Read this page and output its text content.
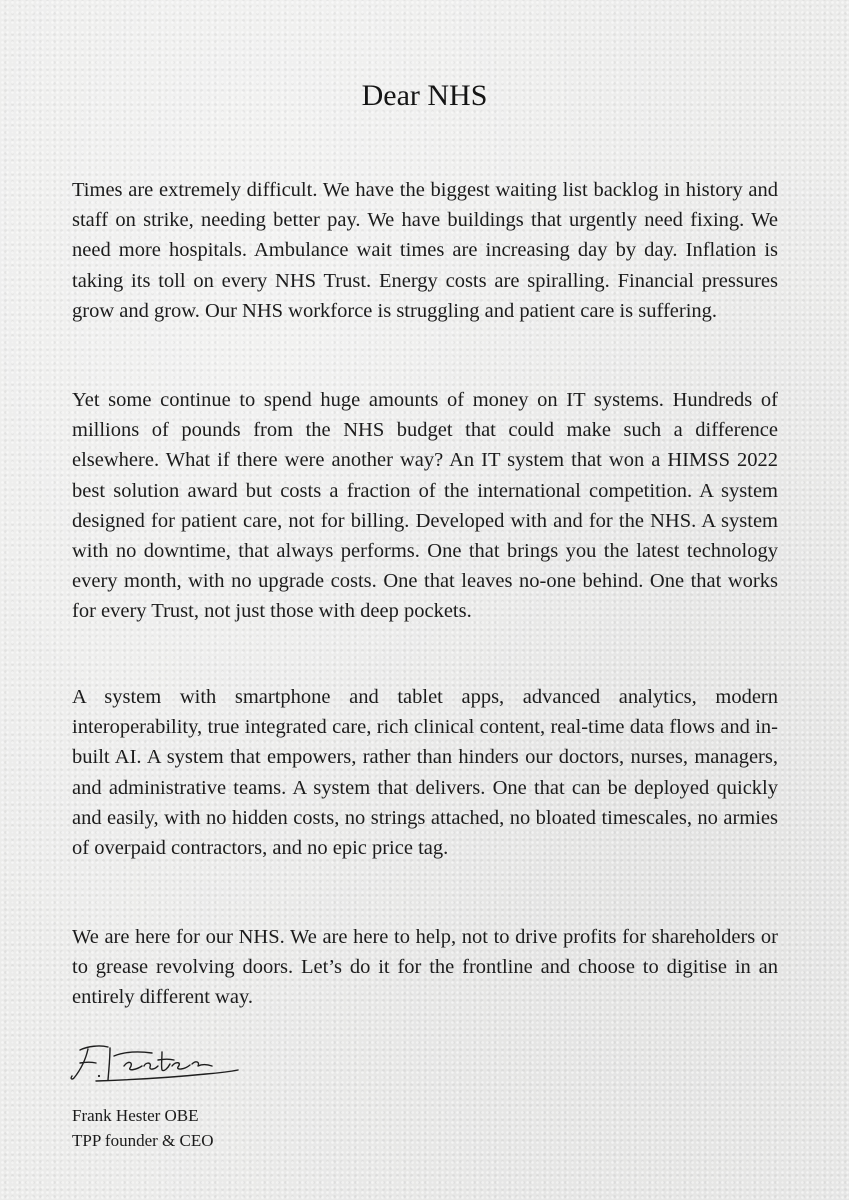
Dear NHS

Times are extremely difficult. We have the biggest waiting list backlog in history and staff on strike, needing better pay. We have buildings that urgently need fixing. We need more hospitals. Ambulance wait times are increasing day by day. Inflation is taking its toll on every NHS Trust. Energy costs are spiralling. Financial pressures grow and grow. Our NHS workforce is struggling and patient care is suffering.

Yet some continue to spend huge amounts of money on IT systems. Hundreds of millions of pounds from the NHS budget that could make such a difference elsewhere. What if there were another way? An IT system that won a HIMSS 2022 best solution award but costs a fraction of the international competition. A system designed for patient care, not for billing. Developed with and for the NHS. A system with no downtime, that always performs. One that brings you the latest technology every month, with no upgrade costs. One that leaves no-one behind. One that works for every Trust, not just those with deep pockets.

A system with smartphone and tablet apps, advanced analytics, modern interoperability, true integrated care, rich clinical content, real-time data flows and in-built AI. A system that empowers, rather than hinders our doctors, nurses, managers, and administrative teams. A system that delivers. One that can be deployed quickly and easily, with no hidden costs, no strings attached, no bloated timescales, no armies of overpaid contractors, and no epic price tag.

We are here for our NHS. We are here to help, not to drive profits for shareholders or to grease revolving doors. Let’s do it for the frontline and choose to digitise in an entirely different way.

Frank Hester OBE

TPP founder & CEO
